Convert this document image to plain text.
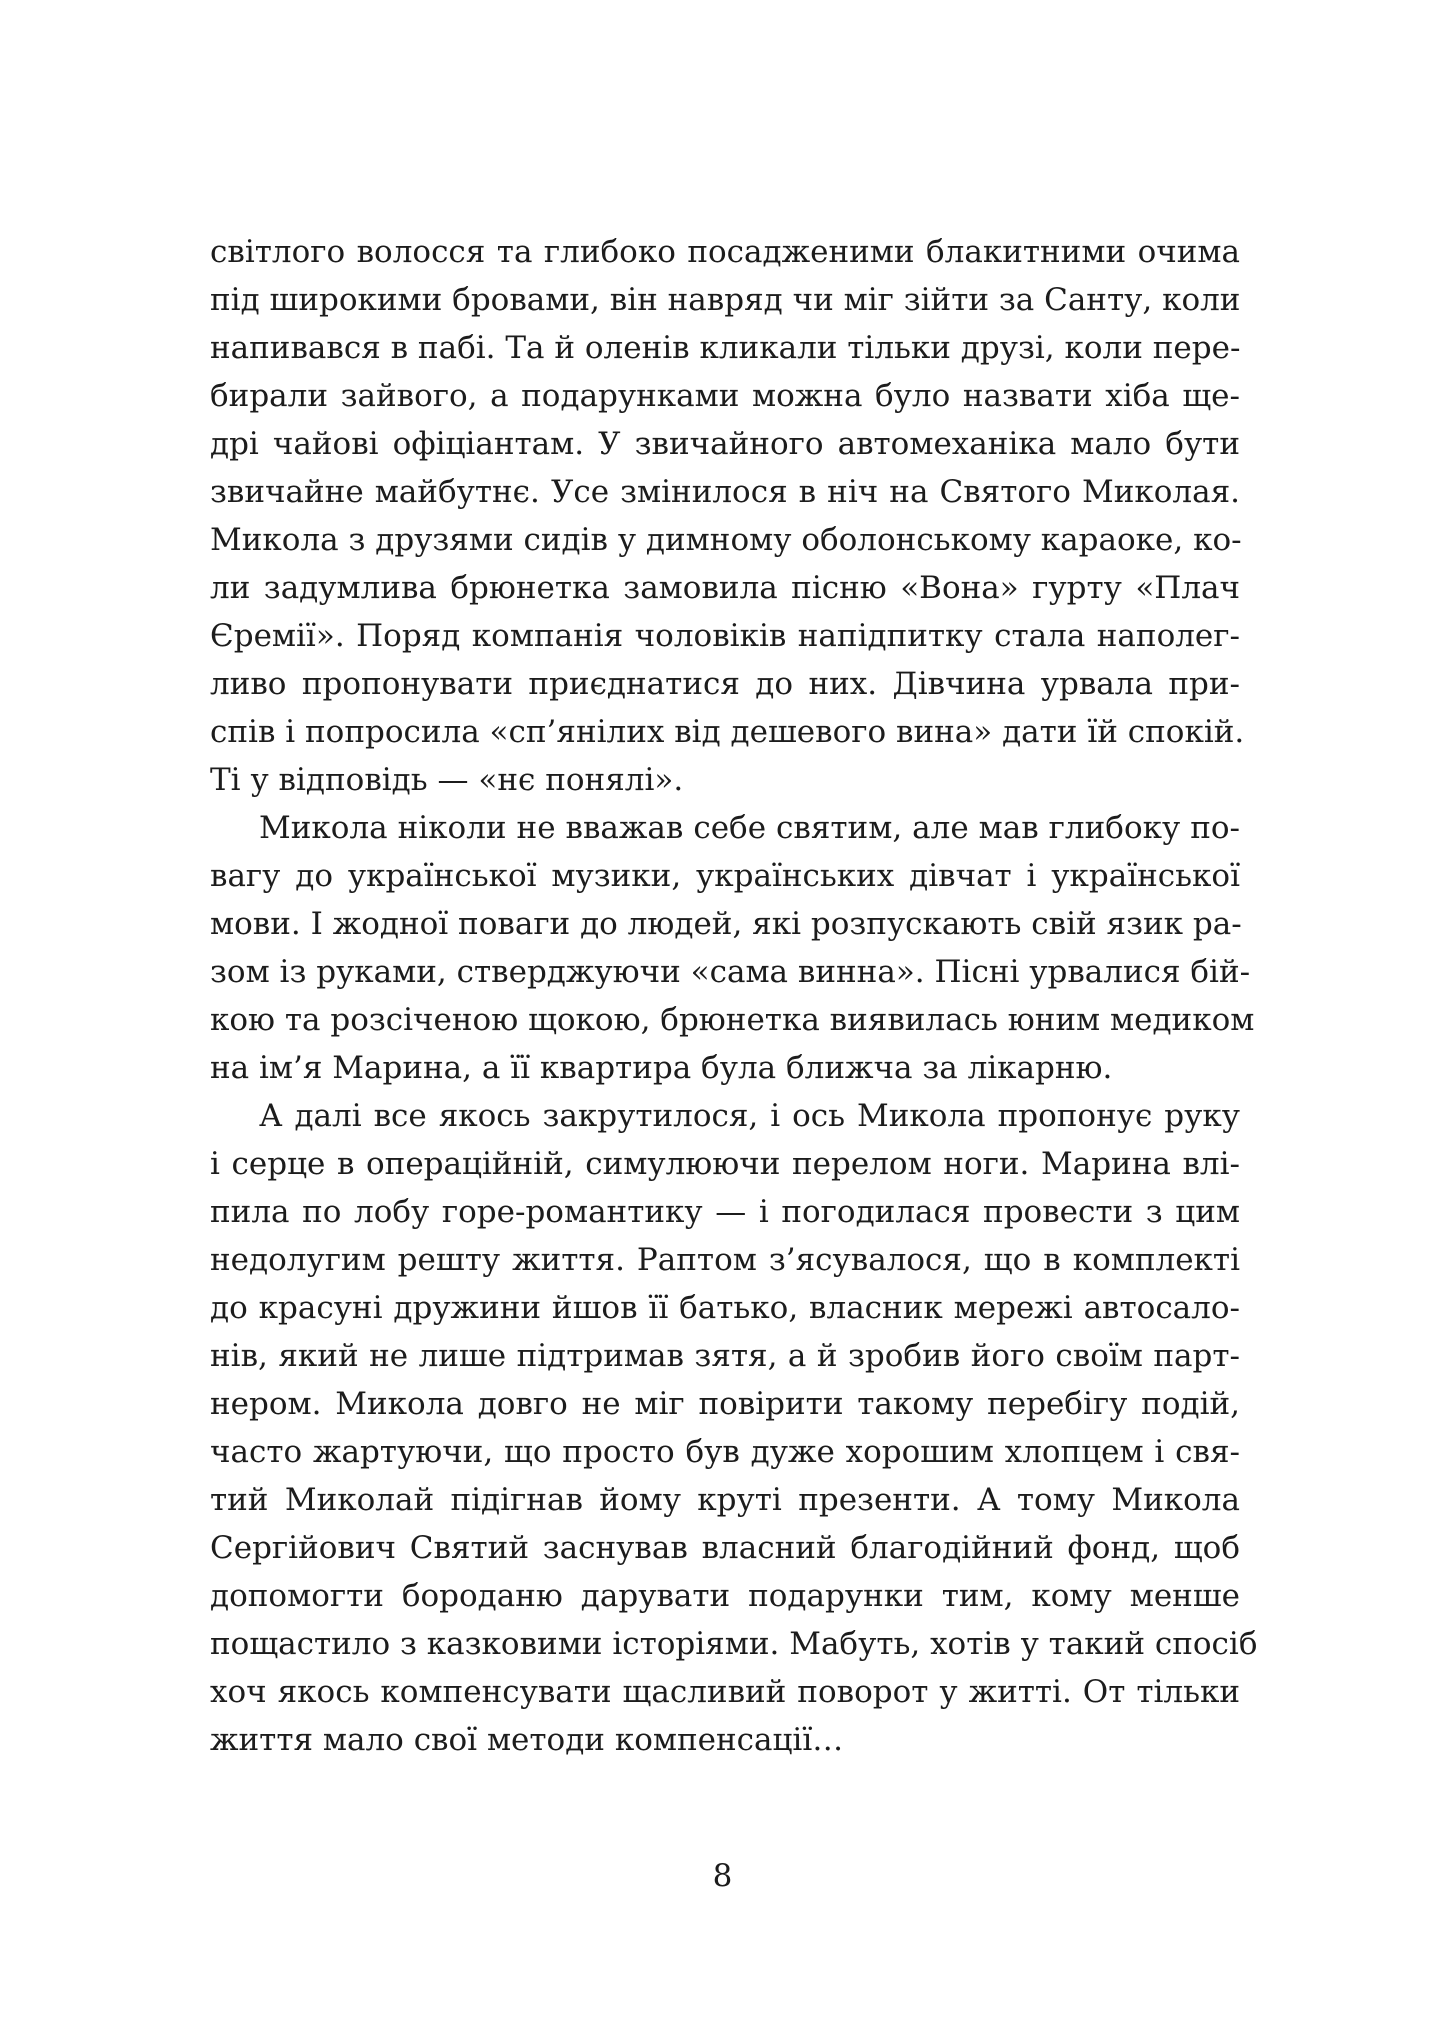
світлого волосся та глибоко посадженими блакитними очима
під широкими бровами, він навряд чи міг зійти за Санту, коли
напивався в пабі. Та й оленів кликали тільки друзі, коли пере-
бирали зайвого, а подарунками можна було назвати хіба ще-
дрі чайові офіціантам. У звичайного автомеханіка мало бути
звичайне майбутнє. Усе змінилося в ніч на Святого Миколая.
Микола з друзями сидів у димному оболонському караоке, ко-
ли задумлива брюнетка замовила пісню «Вона» гурту «Плач
Єремії». Поряд компанія чоловіків напідпитку стала наполег-
ливо пропонувати приєднатися до них. Дівчина урвала при-
спів і попросила «сп’янілих від дешевого вина» дати їй спокій.
Ті у відповідь — «нє понялі».
Микола ніколи не вважав себе святим, але мав глибоку по-
вагу до української музики, українських дівчат і української
мови. І жодної поваги до людей, які розпускають свій язик ра-
зом із руками, стверджуючи «сама винна». Пісні урвалися бій-
кою та розсіченою щокою, брюнетка виявилась юним медиком
на ім’я Марина, а її квартира була ближча за лікарню.
А далі все якось закрутилося, і ось Микола пропонує руку
і серце в операційній, симулюючи перелом ноги. Марина влі-
пила по лобу горе-романтику — і погодилася провести з цим
недолугим решту життя. Раптом з’ясувалося, що в комплекті
до красуні дружини йшов її батько, власник мережі автосало-
нів, який не лише підтримав зятя, а й зробив його своїм парт-
нером. Микола довго не міг повірити такому перебігу подій,
часто жартуючи, що просто був дуже хорошим хлопцем і свя-
тий Миколай підігнав йому круті презенти. А тому Микола
Сергійович Святий заснував власний благодійний фонд, щоб
допомогти бороданю дарувати подарунки тим, кому менше
пощастило з казковими історіями. Мабуть, хотів у такий спосіб
хоч якось компенсувати щасливий поворот у житті. От тільки
життя мало свої методи компенсації…
8
